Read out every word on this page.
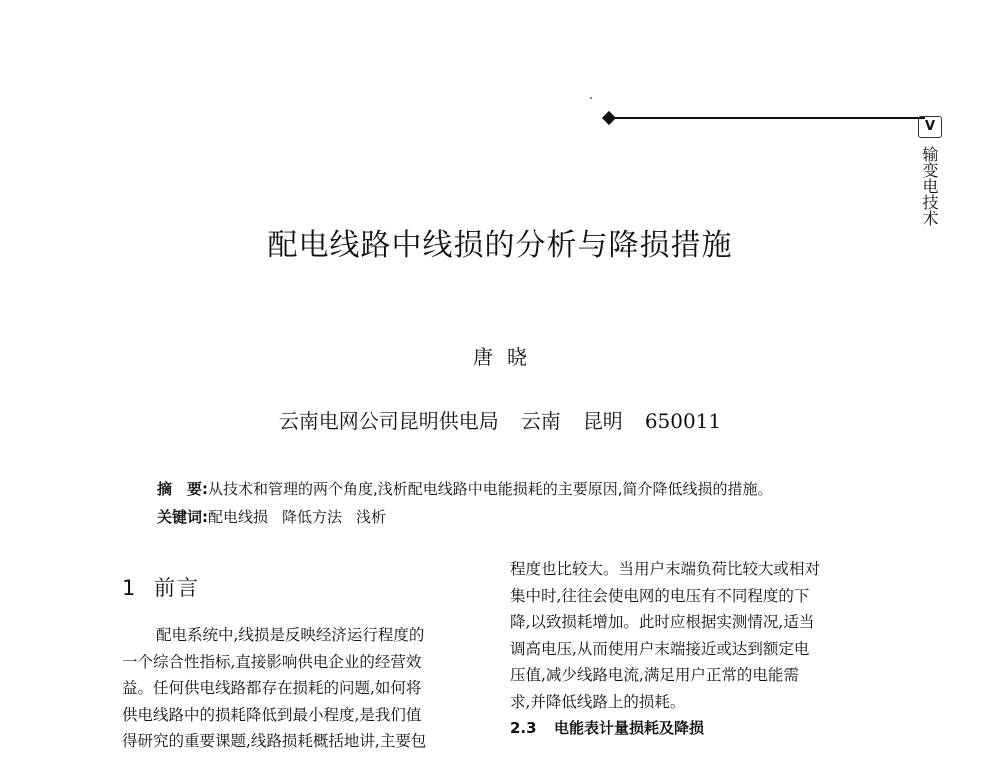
V
输变电技术
配电线路中线损的分析与降损措施
唐晓
云南电网公司昆明供电局 云南 昆明 650011
摘　要:从技术和管理的两个角度,浅析配电线路中电能损耗的主要原因,简介降低线损的措施。
关键词:配电线损 降低方法 浅析
1 前言

配电系统中,线损是反映经济运行程度的
一个综合性指标,直接影响供电企业的经营效
益。任何供电线路都存在损耗的问题,如何将
供电线路中的损耗降低到最小程度,是我们值
得研究的重要课题,线路损耗概括地讲,主要包

程度也比较大。当用户末端负荷比较大或相对
集中时,往往会使电网的电压有不同程度的下
降,以致损耗增加。此时应根据实测情况,适当
调高电压,从而使用户末端接近或达到额定电
压值,减少线路电流,满足用户正常的电能需
求,并降低线路上的损耗。

2.3 电能表计量损耗及降损
